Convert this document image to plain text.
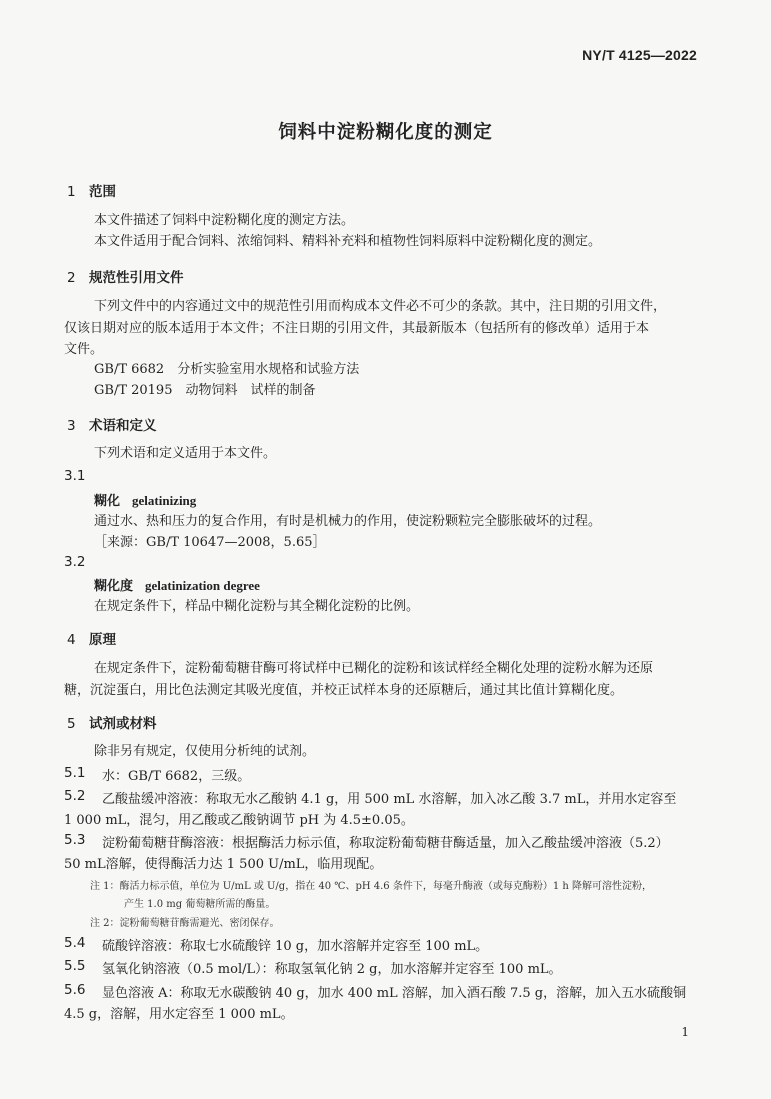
NY/T 4125—2022
饲料中淀粉糊化度的测定
1 范围
本文件描述了饲料中淀粉糊化度的测定方法。
本文件适用于配合饲料、浓缩饲料、精料补充料和植物性饲料原料中淀粉糊化度的测定。
2 规范性引用文件
下列文件中的内容通过文中的规范性引用而构成本文件必不可少的条款。其中，注日期的引用文件，
仅该日期对应的版本适用于本文件；不注日期的引用文件，其最新版本（包括所有的修改单）适用于本
文件。
GB/T 6682　分析实验室用水规格和试验方法
GB/T 20195　动物饲料　试样的制备
3 术语和定义
下列术语和定义适用于本文件。
3.1
糊化 gelatinizing
通过水、热和压力的复合作用，有时是机械力的作用，使淀粉颗粒完全膨胀破坏的过程。
［来源：GB/T 10647—2008，5.65］
3.2
糊化度 gelatinization degree
在规定条件下，样品中糊化淀粉与其全糊化淀粉的比例。
4 原理
在规定条件下，淀粉葡萄糖苷酶可将试样中已糊化的淀粉和该试样经全糊化处理的淀粉水解为还原
糖，沉淀蛋白，用比色法测定其吸光度值，并校正试样本身的还原糖后，通过其比值计算糊化度。
5 试剂或材料
除非另有规定，仅使用分析纯的试剂。
5.1 水：GB/T 6682，三级。
5.2 乙酸盐缓冲溶液：称取无水乙酸钠 4.1 g，用 500 mL 水溶解，加入冰乙酸 3.7 mL，并用水定容至
1 000 mL，混匀，用乙酸或乙酸钠调节 pH 为 4.5±0.05。
5.3 淀粉葡萄糖苷酶溶液：根据酶活力标示值，称取淀粉葡萄糖苷酶适量，加入乙酸盐缓冲溶液（5.2）
50 mL溶解，使得酶活力达 1 500 U/mL，临用现配。
注 1：酶活力标示值，单位为 U/mL 或 U/g，指在 40 ℃、pH 4.6 条件下，每毫升酶液（或每克酶粉）1 h 降解可溶性淀粉，
产生 1.0 mg 葡萄糖所需的酶量。
注 2：淀粉葡萄糖苷酶需避光、密闭保存。
5.4 硫酸锌溶液：称取七水硫酸锌 10 g，加水溶解并定容至 100 mL。
5.5 氢氧化钠溶液（0.5 mol/L）：称取氢氧化钠 2 g，加水溶解并定容至 100 mL。
5.6 显色溶液 A：称取无水碳酸钠 40 g，加水 400 mL 溶解，加入酒石酸 7.5 g，溶解，加入五水硫酸铜
4.5 g，溶解，用水定容至 1 000 mL。
1
